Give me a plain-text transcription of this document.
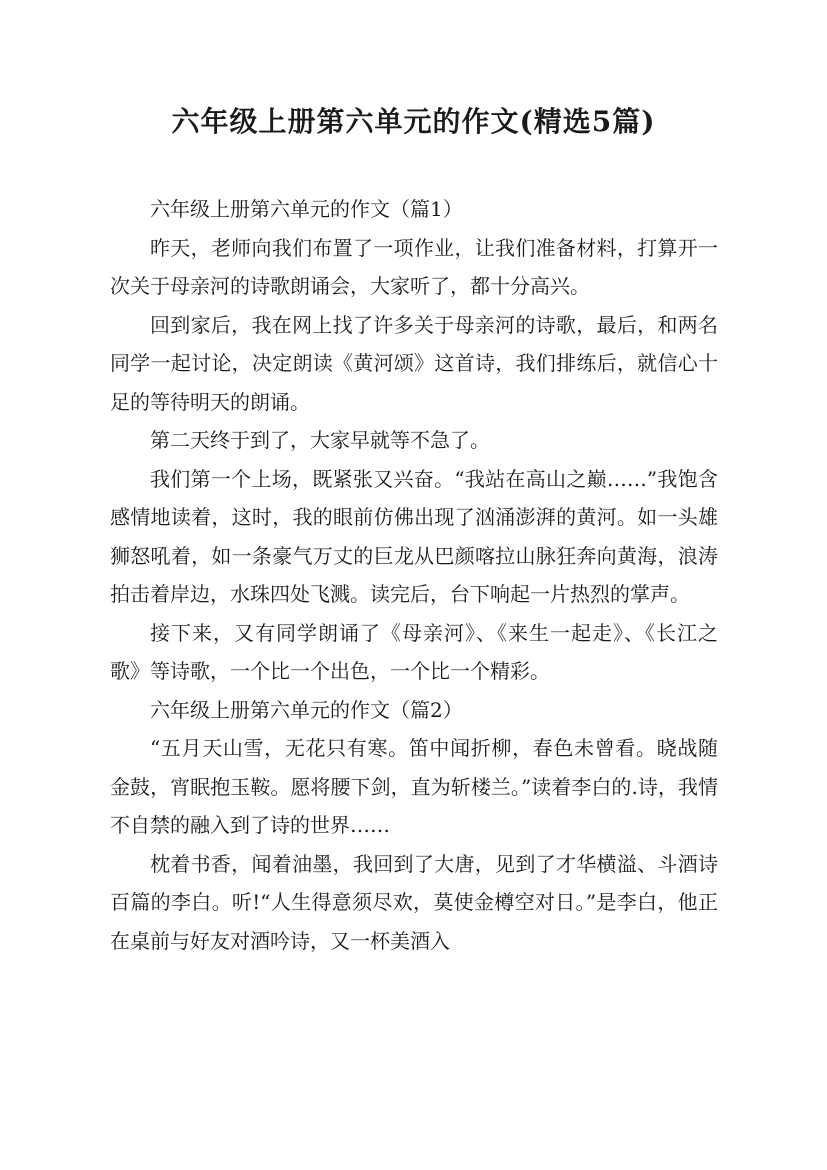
六年级上册第六单元的作文(精选5篇)

六年级上册第六单元的作文（篇1）

昨天，老师向我们布置了一项作业，让我们准备材料，打算开一次关于母亲河的诗歌朗诵会，大家听了，都十分高兴。

回到家后，我在网上找了许多关于母亲河的诗歌，最后，和两名同学一起讨论，决定朗读《黄河颂》这首诗，我们排练后，就信心十足的等待明天的朗诵。

第二天终于到了，大家早就等不急了。

我们第一个上场，既紧张又兴奋。“我站在高山之巅……”我饱含感情地读着，这时，我的眼前仿佛出现了汹涌澎湃的黄河。如一头雄狮怒吼着，如一条豪气万丈的巨龙从巴颜喀拉山脉狂奔向黄海，浪涛拍击着岸边，水珠四处飞溅。读完后，台下响起一片热烈的掌声。

接下来，又有同学朗诵了《母亲河》、《来生一起走》、《长江之歌》等诗歌，一个比一个出色，一个比一个精彩。

六年级上册第六单元的作文（篇2）

“五月天山雪，无花只有寒。笛中闻折柳，春色未曾看。晓战随金鼓，宵眠抱玉鞍。愿将腰下剑，直为斩楼兰。”读着李白的.诗，我情不自禁的融入到了诗的世界……

枕着书香，闻着油墨，我回到了大唐，见到了才华横溢、斗酒诗百篇的李白。听!“人生得意须尽欢，莫使金樽空对日。”是李白，他正在桌前与好友对酒吟诗，又一杯美酒入
